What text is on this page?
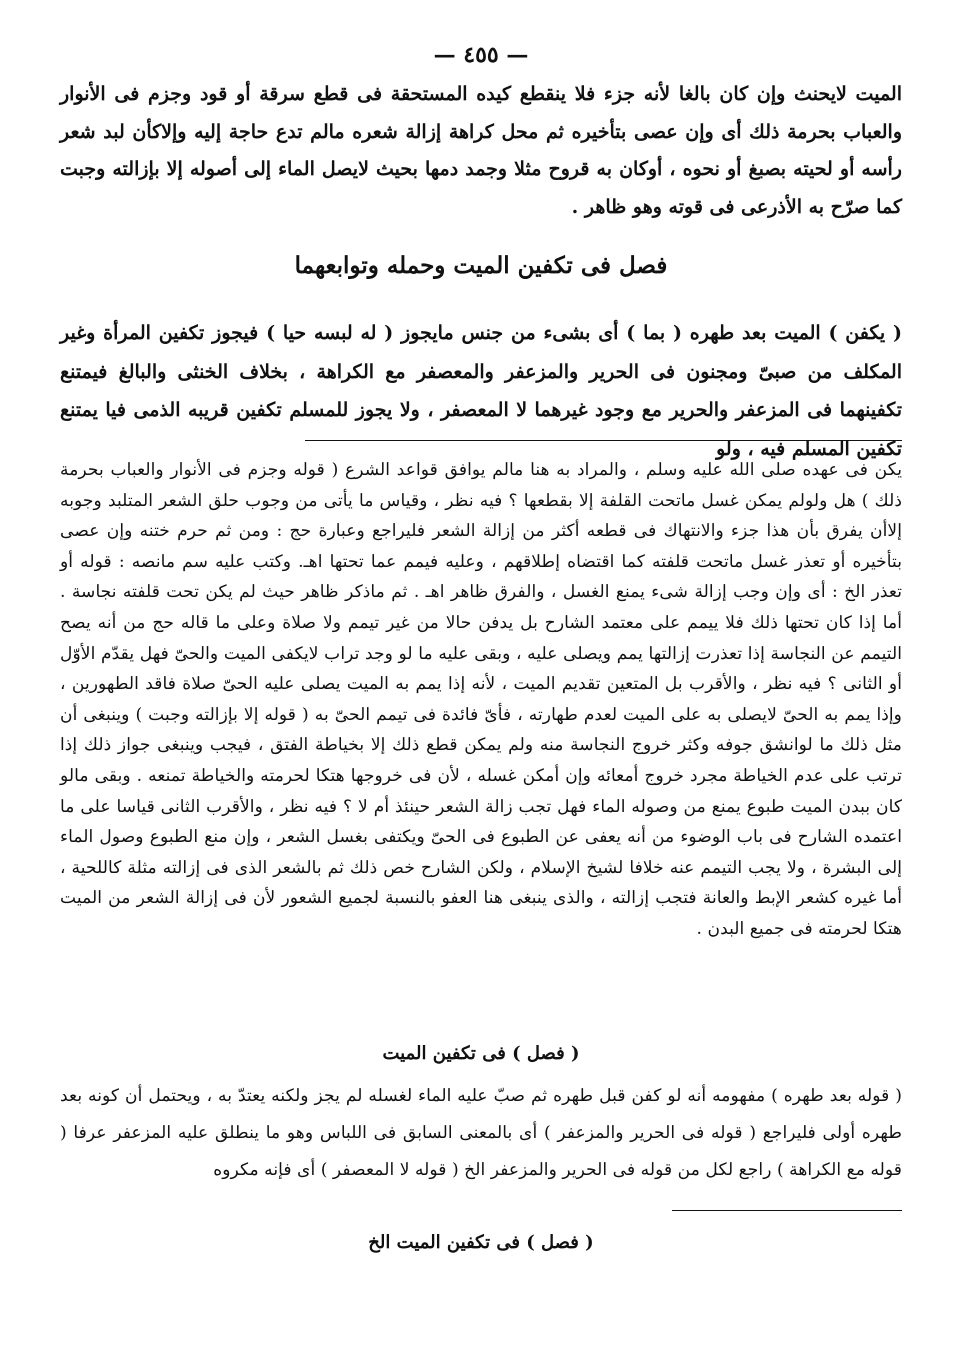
— ٤٥٥ —
الميت لايحنث وإن كان بالغا لأنه جزء فلا ينقطع كيده المستحقة فى قطع سرقة أو قود وجزم فى الأنوار والعباب بحرمة ذلك أى وإن عصى بتأخيره ثم محل كراهة إزالة شعره مالم تدع حاجة إليه وإلاكأن لبد شعر رأسه أو لحيته بصبغ أو نحوه ، أوكان به قروح مثلا وجمد دمها بحيث لايصل الماء إلى أصوله إلا بإزالته وجبت كما صرّح به الأذرعى فى قوته وهو ظاهر .
فصل فى تكفين الميت وحمله وتوابعهما
( يكفن ) الميت بعد طهره ( بما ) أى بشىء من جنس مايجوز ( له لبسه حيا ) فيجوز تكفين المرأة وغير المكلف من صبىّ ومجنون فى الحرير والمزعفر والمعصفر مع الكراهة ، بخلاف الخنثى والبالغ فيمتنع تكفينهما فى المزعفر والحرير مع وجود غيرهما لا المعصفر ، ولا يجوز للمسلم تكفين قريبه الذمى فيا يمتنع تكفين المسلم فيه ، ولو
يكن فى عهده صلى الله عليه وسلم ، والمراد به هنا مالم يوافق قواعد الشرع ( قوله وجزم فى الأنوار والعباب بحرمة ذلك ) هل ولولم يمكن غسل ماتحت القلفة إلا بقطعها ؟ فيه نظر ، وقياس ما يأتى من وجوب حلق الشعر المتلبد وجوبه إلاأن يفرق بأن هذا جزء والانتهاك فى قطعه أكثر من إزالة الشعر فليراجع وعبارة حج : ومن ثم حرم ختنه وإن عصى بتأخيره أو تعذر غسل ماتحت قلفته كما اقتضاه إطلاقهم ، وعليه فيمم عما تحتها اهـ. وكتب عليه سم مانصه : قوله أو تعذر الخ : أى وإن وجب إزالة شىء يمنع الغسل ، والفرق ظاهر اهـ . ثم ماذكر ظاهر حيث لم يكن تحت قلفته نجاسة . أما إذا كان تحتها ذلك فلا ييمم على معتمد الشارح بل يدفن حالا من غير تيمم ولا صلاة وعلى ما قاله حج من أنه يصح التيمم عن النجاسة إذا تعذرت إزالتها يمم ويصلى عليه ، وبقى عليه ما لو وجد تراب لايكفى الميت والحىّ فهل يقدّم الأوّل أو الثانى ؟ فيه نظر ، والأقرب بل المتعين تقديم الميت ، لأنه إذا يمم به الميت يصلى عليه الحىّ صلاة فاقد الطهورين ، وإذا يمم به الحىّ لايصلى به على الميت لعدم طهارته ، فأىّ فائدة فى تيمم الحىّ به ( قوله إلا بإزالته وجبت ) وينبغى أن مثل ذلك ما لوانشق جوفه وكثر خروج النجاسة منه ولم يمكن قطع ذلك إلا بخياطة الفتق ، فيجب وينبغى جواز ذلك إذا ترتب على عدم الخياطة مجرد خروج أمعائه وإن أمكن غسله ، لأن فى خروجها هتكا لحرمته والخياطة تمنعه . وبقى مالو كان ببدن الميت طبوع يمنع من وصوله الماء فهل تجب زالة الشعر حينئذ أم لا ؟ فيه نظر ، والأقرب الثانى قياسا على ما اعتمده الشارح فى باب الوضوء من أنه يعفى عن الطبوع فى الحىّ ويكتفى بغسل الشعر ، وإن منع الطبوع وصول الماء إلى البشرة ، ولا يجب التيمم عنه خلافا لشيخ الإسلام ، ولكن الشارح خص ذلك ثم بالشعر الذى فى إزالته مثلة كاللحية ، أما غيره كشعر الإبط والعانة فتجب إزالته ، والذى ينبغى هنا العفو بالنسبة لجميع الشعور لأن فى إزالة الشعر من الميت هتكا لحرمته فى جميع البدن .
( فصل ) فى تكفين الميت
( قوله بعد طهره ) مفهومه أنه لو كفن قبل طهره ثم صبّ عليه الماء لغسله لم يجز ولكنه يعتدّ به ، ويحتمل أن كونه بعد طهره أولى فليراجع ( قوله فى الحرير والمزعفر ) أى بالمعنى السابق فى اللباس وهو ما ينطلق عليه المزعفر عرفا ( قوله مع الكراهة ) راجع لكل من قوله فى الحرير والمزعفر الخ ( قوله لا المعصفر ) أى فإنه مكروه
( فصل ) فى تكفين الميت الخ
